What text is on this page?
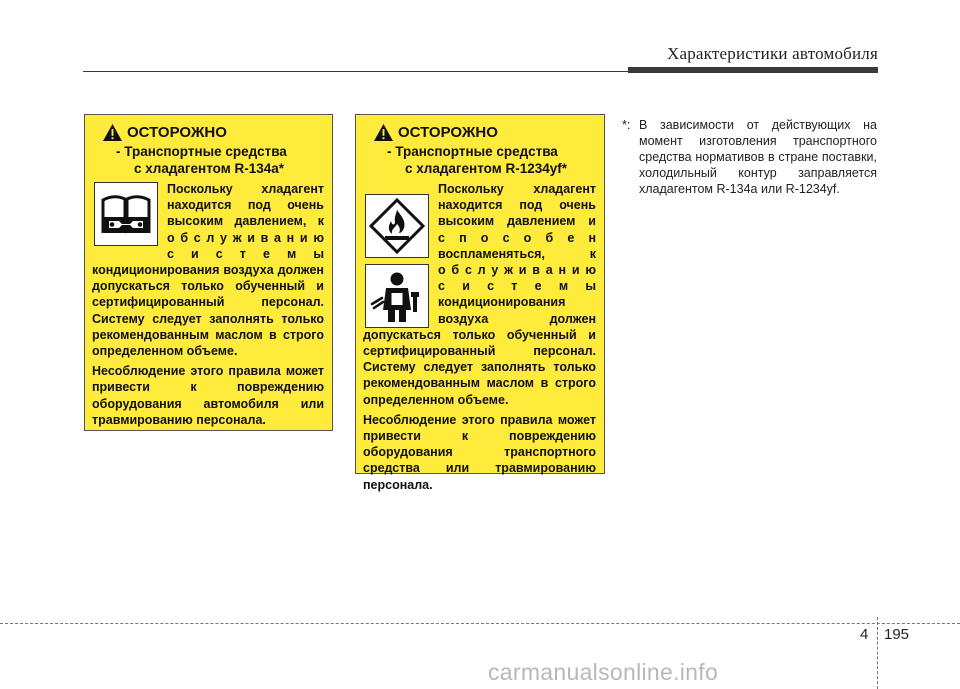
Характеристики автомобиля
ОСТОРОЖНО
- Транспортные средства
с хладагентом R-134a*
Поскольку хладагент
находится под очень
высоким давлением, к
о б с л у ж и в а н и ю
с и с т е м ы

кондиционирования воздуха должен допускаться только обученный и сертифицированный персонал. Систему следует заполнять только рекомендованным маслом в строго определенном объеме.

Несоблюдение этого правила может привести к повреждению оборудования автомобиля или травмированию персонала.

ОСТОРОЖНО
- Транспортные средства
с хладагентом R-1234yf*
Поскольку хладагент
находится под очень
высоким давлением и
с п о с о б е н
воспламеняться, к
о б с л у ж и в а н и ю
с и с т е м ы
кондиционирования
воздуха должен

допускаться только обученный и сертифицированный персонал. Систему следует заполнять только рекомендованным маслом в строго определенном объеме.

Несоблюдение этого правила может привести к повреждению оборудования транспортного средства или травмированию персонала.

*: В зависимости от действующих на момент изготовления транспортного средства нормативов в стране поставки, холодильный контур заправляется хладагентом R-134a или R-1234yf.
4 195
carmanualsonline.info
